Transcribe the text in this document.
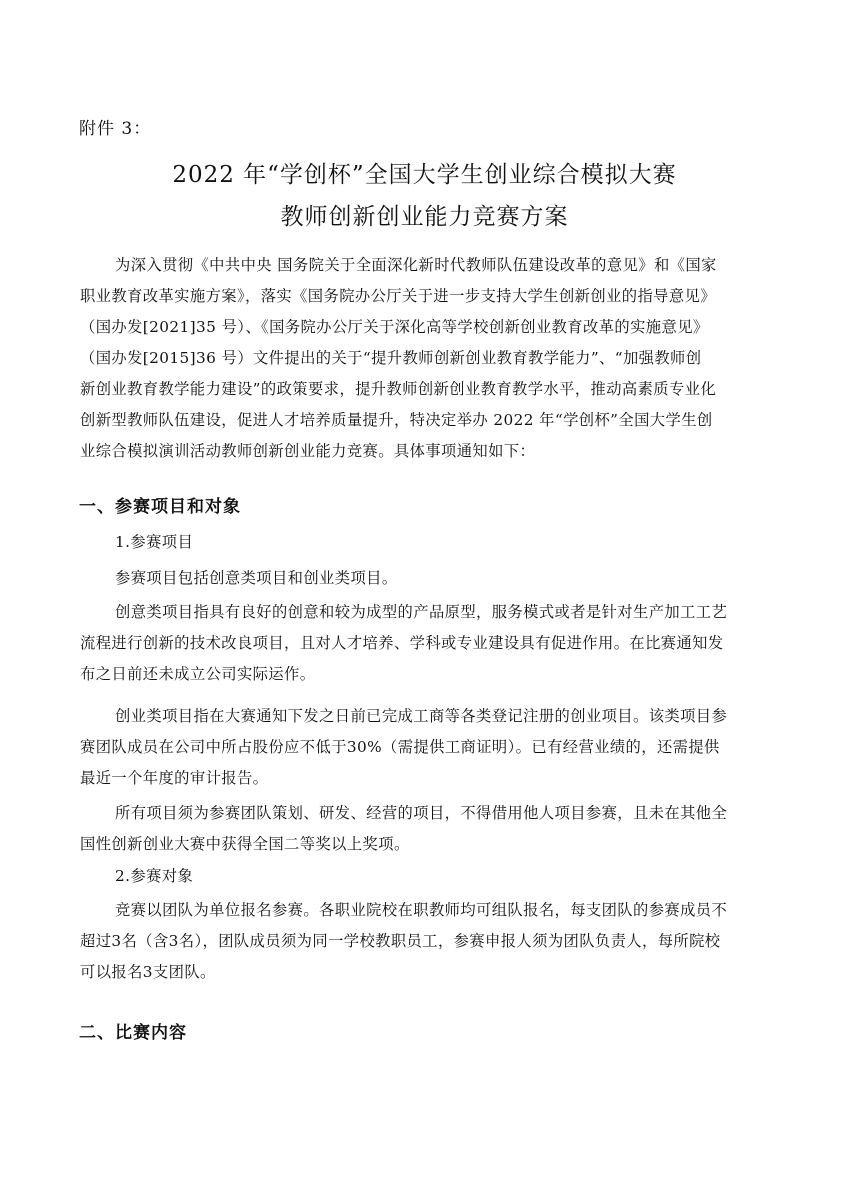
附件 3：
2022 年“学创杯”全国大学生创业综合模拟大赛
教师创新创业能力竞赛方案
为深入贯彻《中共中央 国务院关于全面深化新时代教师队伍建设改革的意见》和《国家
职业教育改革实施方案》，落实《国务院办公厅关于进一步支持大学生创新创业的指导意见》
（国办发[2021]35 号）、《国务院办公厅关于深化高等学校创新创业教育改革的实施意见》
（国办发[2015]36 号）文件提出的关于“提升教师创新创业教育教学能力”、“加强教师创
新创业教育教学能力建设”的政策要求，提升教师创新创业教育教学水平，推动高素质专业化
创新型教师队伍建设，促进人才培养质量提升，特决定举办 2022 年“学创杯”全国大学生创
业综合模拟演训活动教师创新创业能力竞赛。具体事项通知如下：
一、参赛项目和对象
1.参赛项目
参赛项目包括创意类项目和创业类项目。
创意类项目指具有良好的创意和较为成型的产品原型，服务模式或者是针对生产加工工艺
流程进行创新的技术改良项目，且对人才培养、学科或专业建设具有促进作用。在比赛通知发
布之日前还未成立公司实际运作。
创业类项目指在大赛通知下发之日前已完成工商等各类登记注册的创业项目。该类项目参
赛团队成员在公司中所占股份应不低于30%（需提供工商证明）。已有经营业绩的，还需提供
最近一个年度的审计报告。
所有项目须为参赛团队策划、研发、经营的项目，不得借用他人项目参赛，且未在其他全
国性创新创业大赛中获得全国二等奖以上奖项。
2.参赛对象
竞赛以团队为单位报名参赛。各职业院校在职教师均可组队报名，每支团队的参赛成员不
超过3名（含3名），团队成员须为同一学校教职员工，参赛申报人须为团队负责人，每所院校
可以报名3支团队。
二、比赛内容
